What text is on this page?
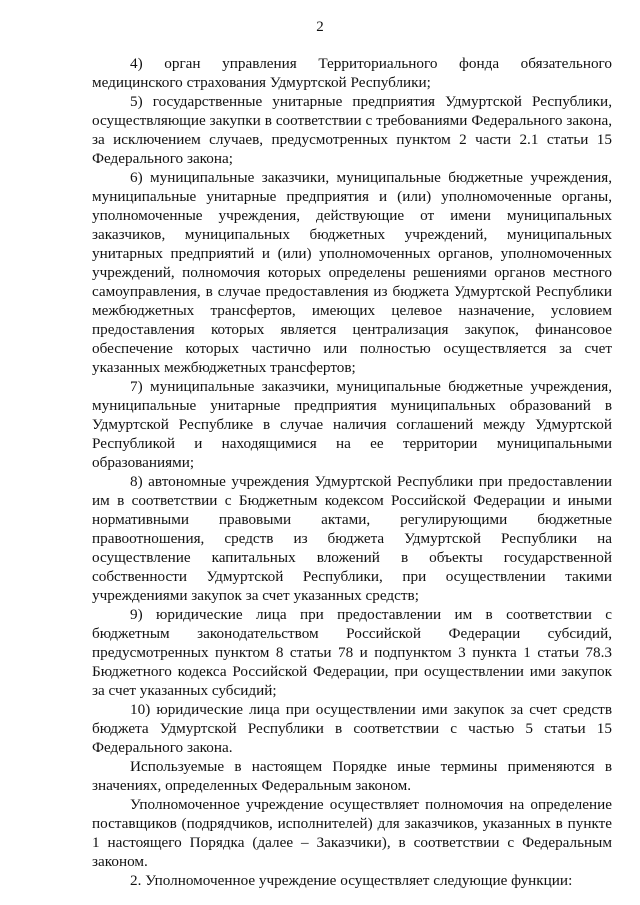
2

4) орган управления Территориального фонда обязательного медицинского страхования Удмуртской Республики;

5) государственные унитарные предприятия Удмуртской Республики, осуществляющие закупки в соответствии с требованиями Федерального закона, за исключением случаев, предусмотренных пунктом 2 части 2.1 статьи 15 Федерального закона;

6) муниципальные заказчики, муниципальные бюджетные учреждения, муниципальные унитарные предприятия и (или) уполномоченные органы, уполномоченные учреждения, действующие от имени муниципальных заказчиков, муниципальных бюджетных учреждений, муниципальных унитарных предприятий и (или) уполномоченных органов, уполномоченных учреждений, полномочия которых определены решениями органов местного самоуправления, в случае предоставления из бюджета Удмуртской Республики межбюджетных трансфертов, имеющих целевое назначение, условием предоставления которых является централизация закупок, финансовое обеспечение которых частично или полностью осуществляется за счет указанных межбюджетных трансфертов;

7) муниципальные заказчики, муниципальные бюджетные учреждения, муниципальные унитарные предприятия муниципальных образований в Удмуртской Республике в случае наличия соглашений между Удмуртской Республикой и находящимися на ее территории муниципальными образованиями;

8) автономные учреждения Удмуртской Республики при предоставлении им в соответствии с Бюджетным кодексом Российской Федерации и иными нормативными правовыми актами, регулирующими бюджетные правоотношения, средств из бюджета Удмуртской Республики на осуществление капитальных вложений в объекты государственной собственности Удмуртской Республики, при осуществлении такими учреждениями закупок за счет указанных средств;

9) юридические лица при предоставлении им в соответствии с бюджетным законодательством Российской Федерации субсидий, предусмотренных пунктом 8 статьи 78 и подпунктом 3 пункта 1 статьи 78.3 Бюджетного кодекса Российской Федерации, при осуществлении ими закупок за счет указанных субсидий;

10) юридические лица при осуществлении ими закупок за счет средств бюджета Удмуртской Республики в соответствии с частью 5 статьи 15 Федерального закона.

Используемые в настоящем Порядке иные термины применяются в значениях, определенных Федеральным законом.

Уполномоченное учреждение осуществляет полномочия на определение поставщиков (подрядчиков, исполнителей) для заказчиков, указанных в пункте 1 настоящего Порядка (далее – Заказчики), в соответствии с Федеральным законом.

2. Уполномоченное учреждение осуществляет следующие функции:
